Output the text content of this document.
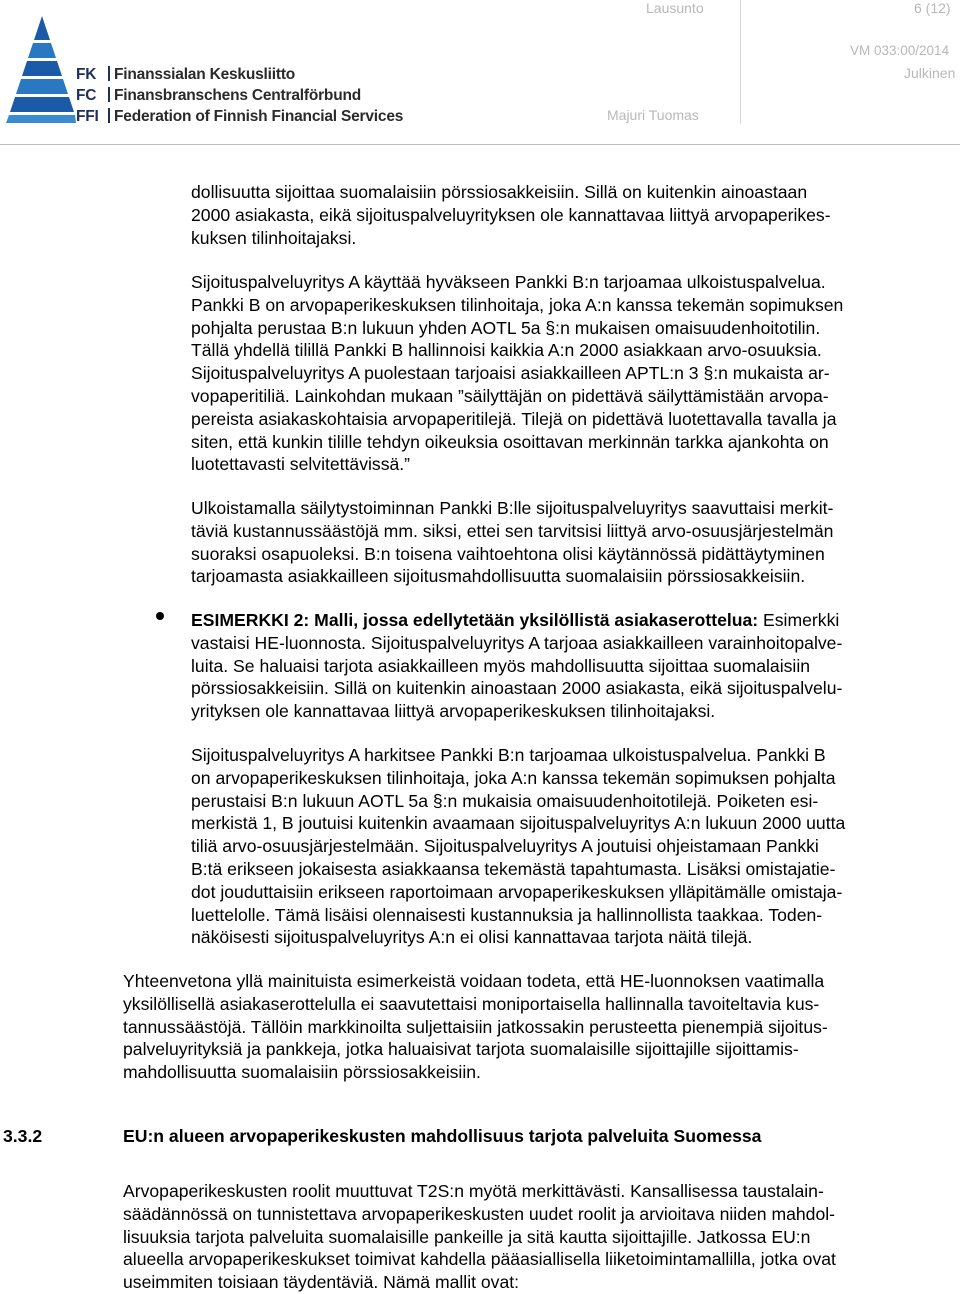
FK Finanssialan Keskusliitto
FC Finansbranschens Centralförbund
FFI Federation of Finnish Financial Services
Lausunto	6 (12)
VM 033:00/2014
Julkinen
Majuri Tuomas
dollisuutta sijoittaa suomalaisiin pörssiosakkeisiin. Sillä on kuitenkin ainoastaan
2000 asiakasta, eikä sijoituspalveluyrityksen ole kannattavaa liittyä arvopaperikes-
kuksen tilinhoitajaksi.
Sijoituspalveluyritys A käyttää hyväkseen Pankki B:n tarjoamaa ulkoistuspalvelua.
Pankki B on arvopaperikeskuksen tilinhoitaja, joka A:n kanssa tekemän sopimuksen
pohjalta perustaa B:n lukuun yhden AOTL 5a §:n mukaisen omaisuudenhoitotilin.
Tällä yhdellä tilillä Pankki B hallinnoisi kaikkia A:n 2000 asiakkaan arvo-osuuksia.
Sijoituspalveluyritys A puolestaan tarjoaisi asiakkailleen APTL:n 3 §:n mukaista ar-
vopaperitiliä. Lainkohdan mukaan ”säilyttäjän on pidettävä säilyttämistään arvopa-
pereista asiakaskohtaisia arvopaperitilejä. Tilejä on pidettävä luotettavalla tavalla ja
siten, että kunkin tilille tehdyn oikeuksia osoittavan merkinnän tarkka ajankohta on
luotettavasti selvitettävissä.”
Ulkoistamalla säilytystoiminnan Pankki B:lle sijoituspalveluyritys saavuttaisi merkit-
täviä kustannussäästöjä mm. siksi, ettei sen tarvitsisi liittyä arvo-osuusjärjestelmän
suoraksi osapuoleksi. B:n toisena vaihtoehtona olisi käytännössä pidättäytyminen
tarjoamasta asiakkailleen sijoitusmahdollisuutta suomalaisiin pörssiosakkeisiin.
ESIMERKKI 2: Malli, jossa edellytetään yksilöllistä asiakaserottelua: Esimerkki
vastaisi HE-luonnosta. Sijoituspalveluyritys A tarjoaa asiakkailleen varainhoitopalve-
luita. Se haluaisi tarjota asiakkailleen myös mahdollisuutta sijoittaa suomalaisiin
pörssiosakkeisiin. Sillä on kuitenkin ainoastaan 2000 asiakasta, eikä sijoituspalvelu-
yrityksen ole kannattavaa liittyä arvopaperikeskuksen tilinhoitajaksi.
Sijoituspalveluyritys A harkitsee Pankki B:n tarjoamaa ulkoistuspalvelua. Pankki B
on arvopaperikeskuksen tilinhoitaja, joka A:n kanssa tekemän sopimuksen pohjalta
perustaisi B:n lukuun AOTL 5a §:n mukaisia omaisuudenhoitotilejä. Poiketen esi-
merkistä 1, B joutuisi kuitenkin avaamaan sijoituspalveluyritys A:n lukuun 2000 uutta
tiliä arvo-osuusjärjestelmään. Sijoituspalveluyritys A joutuisi ohjeistamaan Pankki
B:tä erikseen jokaisesta asiakkaansa tekemästä tapahtumasta. Lisäksi omistajatie-
dot jouduttaisiin erikseen raportoimaan arvopaperikeskuksen ylläpitämälle omistaja-
luettelolle. Tämä lisäisi olennaisesti kustannuksia ja hallinnollista taakkaa. Toden-
näköisesti sijoituspalveluyritys A:n ei olisi kannattavaa tarjota näitä tilejä.
Yhteenvetona yllä mainituista esimerkeistä voidaan todeta, että HE-luonnoksen vaatimalla
yksilöllisellä asiakaserottelulla ei saavutettaisi moniportaisella hallinnalla tavoiteltavia kus-
tannussäästöjä. Tällöin markkinoilta suljettaisiin jatkossakin perusteetta pienempiä sijoitus-
palveluyrityksiä ja pankkeja, jotka haluaisivat tarjota suomalaisille sijoittajille sijoittamis-
mahdollisuutta suomalaisiin pörssiosakkeisiin.
3.3.2	EU:n alueen arvopaperikeskusten mahdollisuus tarjota palveluita Suomessa
Arvopaperikeskusten roolit muuttuvat T2S:n myötä merkittävästi. Kansallisessa taustalain-
säädännössä on tunnistettava arvopaperikeskusten uudet roolit ja arvioitava niiden mahdol-
lisuuksia tarjota palveluita suomalaisille pankeille ja sitä kautta sijoittajille. Jatkossa EU:n
alueella arvopaperikeskukset toimivat kahdella pääasiallisella liiketoimintamallilla, jotka ovat
useimmiten toisiaan täydentäviä. Nämä mallit ovat:
